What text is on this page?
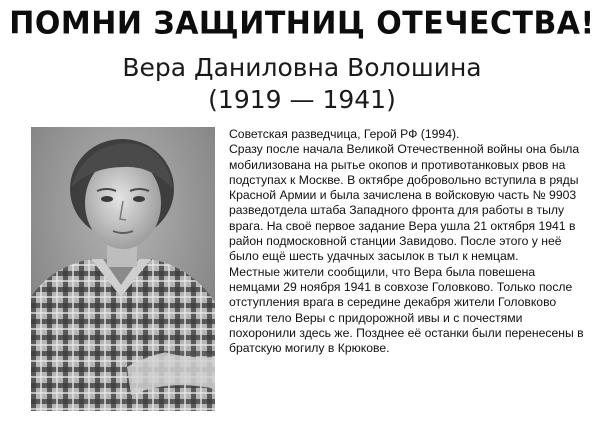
ПОМНИ ЗАЩИТНИЦ ОТЕЧЕСТВА!
Вера Даниловна Волошина
(1919 — 1941)

Советская разведчица, Герой РФ (1994).

Сразу после начала Великой Отечественной войны она была мобилизована на рытье окопов и противотанковых рвов на подступах к Москве. В октябре добровольно вступила в ряды Красной Армии и была зачислена в войсковую часть № 9903 разведотдела штаба Западного фронта для работы в тылу врага. На своё первое задание Вера ушла 21 октября 1941 в район подмосковной станции Завидово. После этого у неё было ещё шесть удачных засылок в тыл к немцам.

Местные жители сообщили, что Вера была повешена немцами 29 ноября 1941 в совхозе Головково. Только после отступления врага в середине декабря жители Головково сняли тело Веры с придорожной ивы и с почестями похоронили здесь же. Позднее её останки были перенесены в братскую могилу в Крюкове.
